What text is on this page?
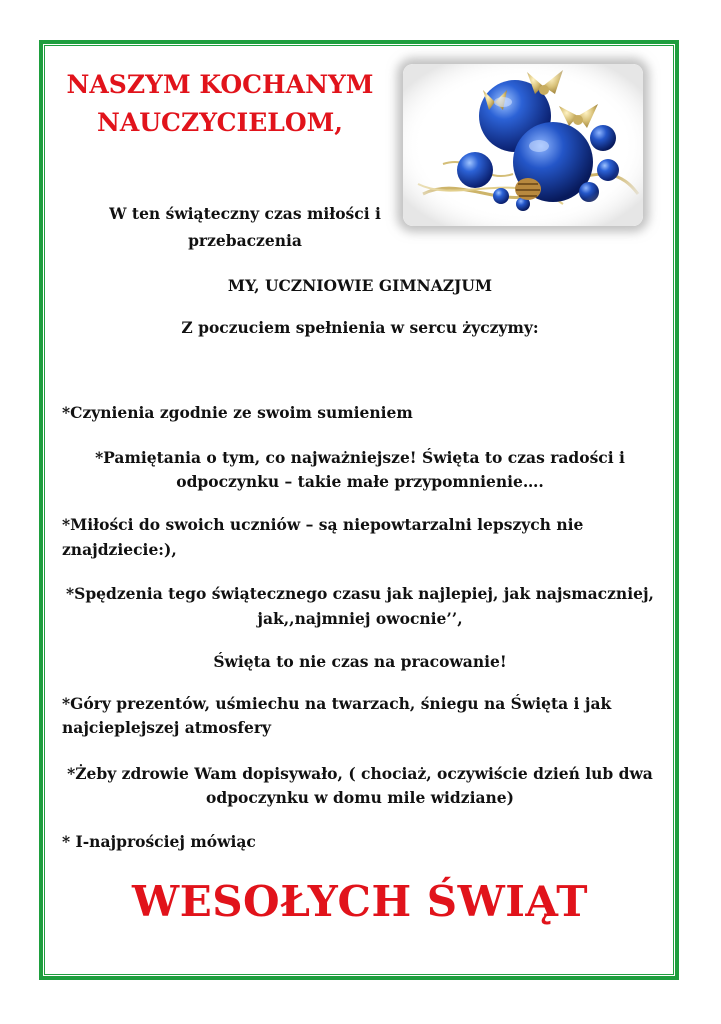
NASZYM KOCHANYM
NAUCZYCIELOM,
W ten świąteczny czas miłości i
przebaczenia
MY, UCZNIOWIE GIMNAZJUM
Z poczuciem spełnienia w sercu życzymy:
*Czynienia zgodnie ze swoim sumieniem
*Pamiętania o tym, co najważniejsze! Święta to czas radości i
odpoczynku – takie małe przypomnienie….
*Miłości do swoich uczniów – są niepowtarzalni lepszych nie
znajdziecie:),
*Spędzenia tego świątecznego czasu jak najlepiej, jak najsmaczniej,
jak,,najmniej owocnie’’,
Święta to nie czas na pracowanie!
*Góry prezentów, uśmiechu na twarzach, śniegu na Święta i jak
najcieplejszej atmosfery
*Żeby zdrowie Wam dopisywało, ( chociaż, oczywiście dzień lub dwa
odpoczynku w domu mile widziane)
* I-najprościej mówiąc
WESOŁYCH ŚWIĄT
